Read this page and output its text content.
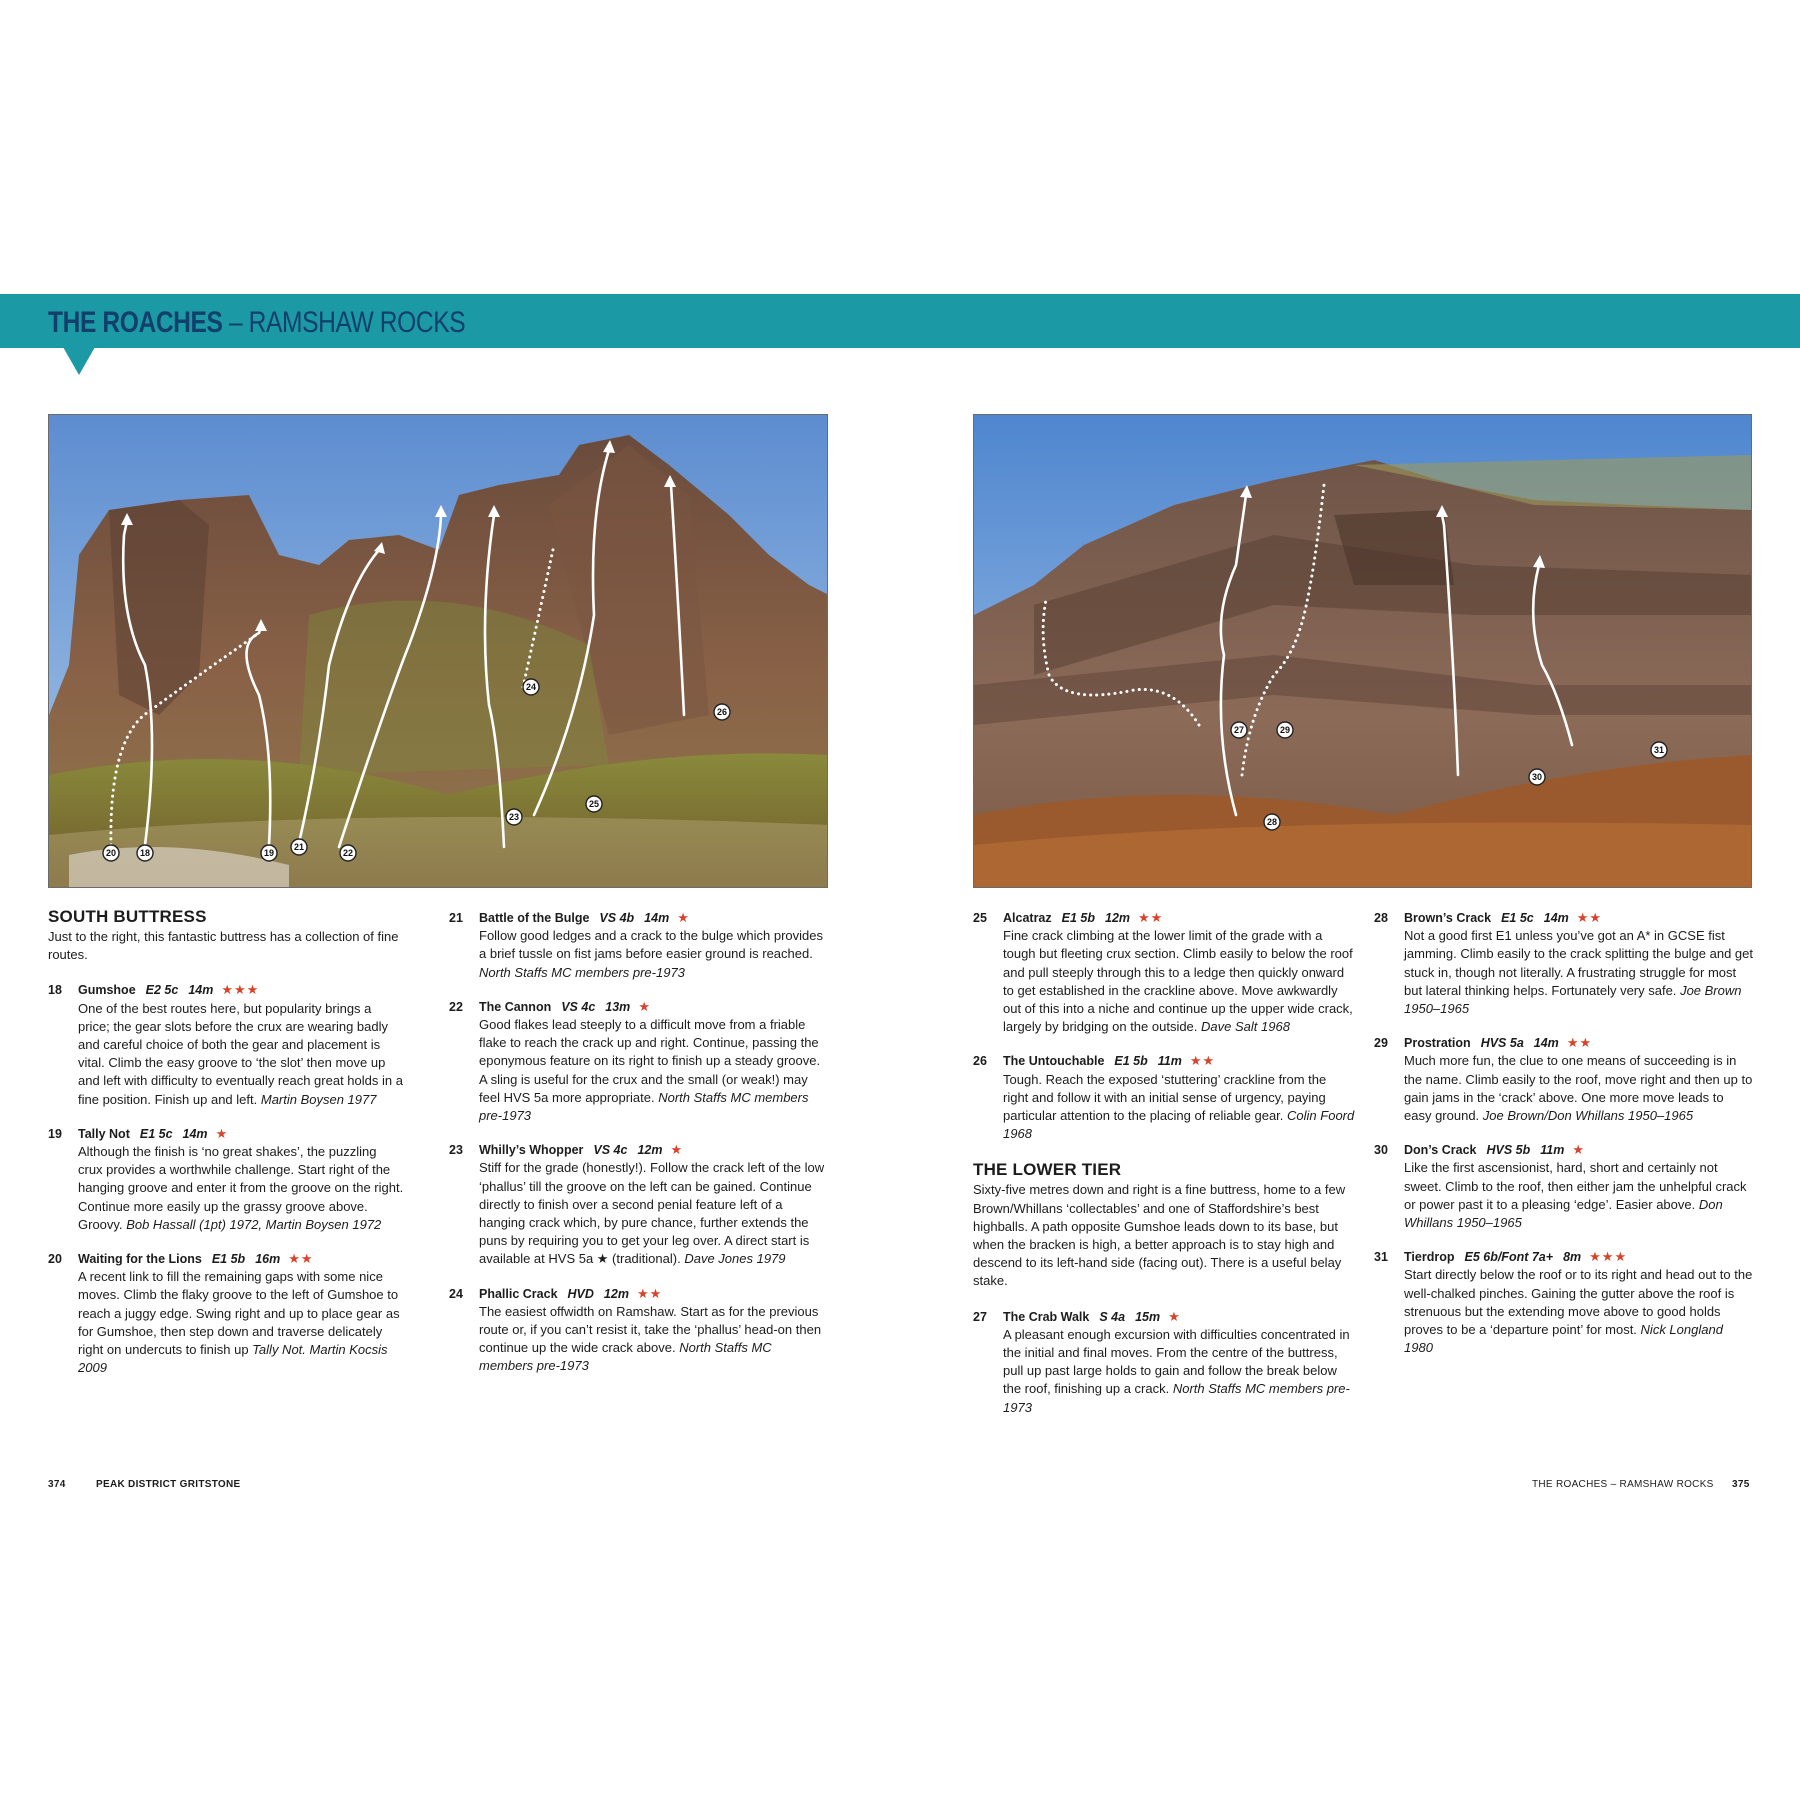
THE ROACHES – RAMSHAW ROCKS
20	18	19
21
22
23
24
25
26
27	29
28
30
31
SOUTH BUTTRESS
Just to the right, this fantastic buttress has a collection of fine routes.
18 Gumshoe E2 5c 14m ★★★
One of the best routes here, but popularity brings a price; the gear slots before the crux are wearing badly and careful choice of both the gear and placement is vital. Climb the easy groove to ‘the slot’ then move up and left with difficulty to eventually reach great holds in a fine position. Finish up and left. Martin Boysen 1977
19 Tally Not E1 5c 14m ★
Although the finish is ‘no great shakes’, the puzzling crux provides a worthwhile challenge. Start right of the hanging groove and enter it from the groove on the right. Continue more easily up the grassy groove above. Groovy. Bob Hassall (1pt) 1972, Martin Boysen 1972
20 Waiting for the Lions E1 5b 16m ★★
A recent link to fill the remaining gaps with some nice moves. Climb the flaky groove to the left of Gumshoe to reach a juggy edge. Swing right and up to place gear as for Gumshoe, then step down and traverse delicately right on undercuts to finish up Tally Not. Martin Kocsis 2009
21 Battle of the Bulge VS 4b 14m ★
Follow good ledges and a crack to the bulge which provides a brief tussle on fist jams before easier ground is reached. North Staffs MC members pre-1973
22 The Cannon VS 4c 13m ★
Good flakes lead steeply to a difficult move from a friable flake to reach the crack up and right. Continue, passing the eponymous feature on its right to finish up a steady groove. A sling is useful for the crux and the small (or weak!) may feel HVS 5a more appropriate. North Staffs MC members pre-1973
23 Whilly’s Whopper VS 4c 12m ★
Stiff for the grade (honestly!). Follow the crack left of the low ‘phallus’ till the groove on the left can be gained. Continue directly to finish over a second penial feature left of a hanging crack which, by pure chance, further extends the puns by requiring you to get your leg over. A direct start is available at HVS 5a ★ (traditional). Dave Jones 1979
24 Phallic Crack HVD 12m ★★
The easiest offwidth on Ramshaw. Start as for the previous route or, if you can’t resist it, take the ‘phallus’ head-on then continue up the wide crack above. North Staffs MC members pre-1973
25 Alcatraz E1 5b 12m ★★
Fine crack climbing at the lower limit of the grade with a tough but fleeting crux section. Climb easily to below the roof and pull steeply through this to a ledge then quickly onward to get established in the crackline above. Move awkwardly out of this into a niche and continue up the upper wide crack, largely by bridging on the outside. Dave Salt 1968
26 The Untouchable E1 5b 11m ★★
Tough. Reach the exposed ‘stuttering’ crackline from the right and follow it with an initial sense of urgency, paying particular attention to the placing of reliable gear. Colin Foord 1968
THE LOWER TIER
Sixty-five metres down and right is a fine buttress, home to a few Brown/Whillans ‘collectables’ and one of Staffordshire’s best highballs. A path opposite Gumshoe leads down to its base, but when the bracken is high, a better approach is to stay high and descend to its left-hand side (facing out). There is a useful belay stake.
27 The Crab Walk S 4a 15m ★
A pleasant enough excursion with difficulties concentrated in the initial and final moves. From the centre of the buttress, pull up past large holds to gain and follow the break below the roof, finishing up a crack. North Staffs MC members pre-1973
28 Brown’s Crack E1 5c 14m ★★
Not a good first E1 unless you’ve got an A* in GCSE fist jamming. Climb easily to the crack splitting the bulge and get stuck in, though not literally. A frustrating struggle for most but lateral thinking helps. Fortunately very safe. Joe Brown 1950–1965
29 Prostration HVS 5a 14m ★★
Much more fun, the clue to one means of succeeding is in the name. Climb easily to the roof, move right and then up to gain jams in the ‘crack’ above. One more move leads to easy ground. Joe Brown/Don Whillans 1950–1965
30 Don’s Crack HVS 5b 11m ★
Like the first ascensionist, hard, short and certainly not sweet. Climb to the roof, then either jam the unhelpful crack or power past it to a pleasing ‘edge’. Easier above. Don Whillans 1950–1965
31 Tierdrop E5 6b/Font 7a+ 8m ★★★
Start directly below the roof or to its right and head out to the well-chalked pinches. Gaining the gutter above the roof is strenuous but the extending move above to good holds proves to be a ‘departure point’ for most. Nick Longland 1980
374	PEAK DISTRICT GRITSTONE	THE ROACHES – RAMSHAW ROCKS 375
